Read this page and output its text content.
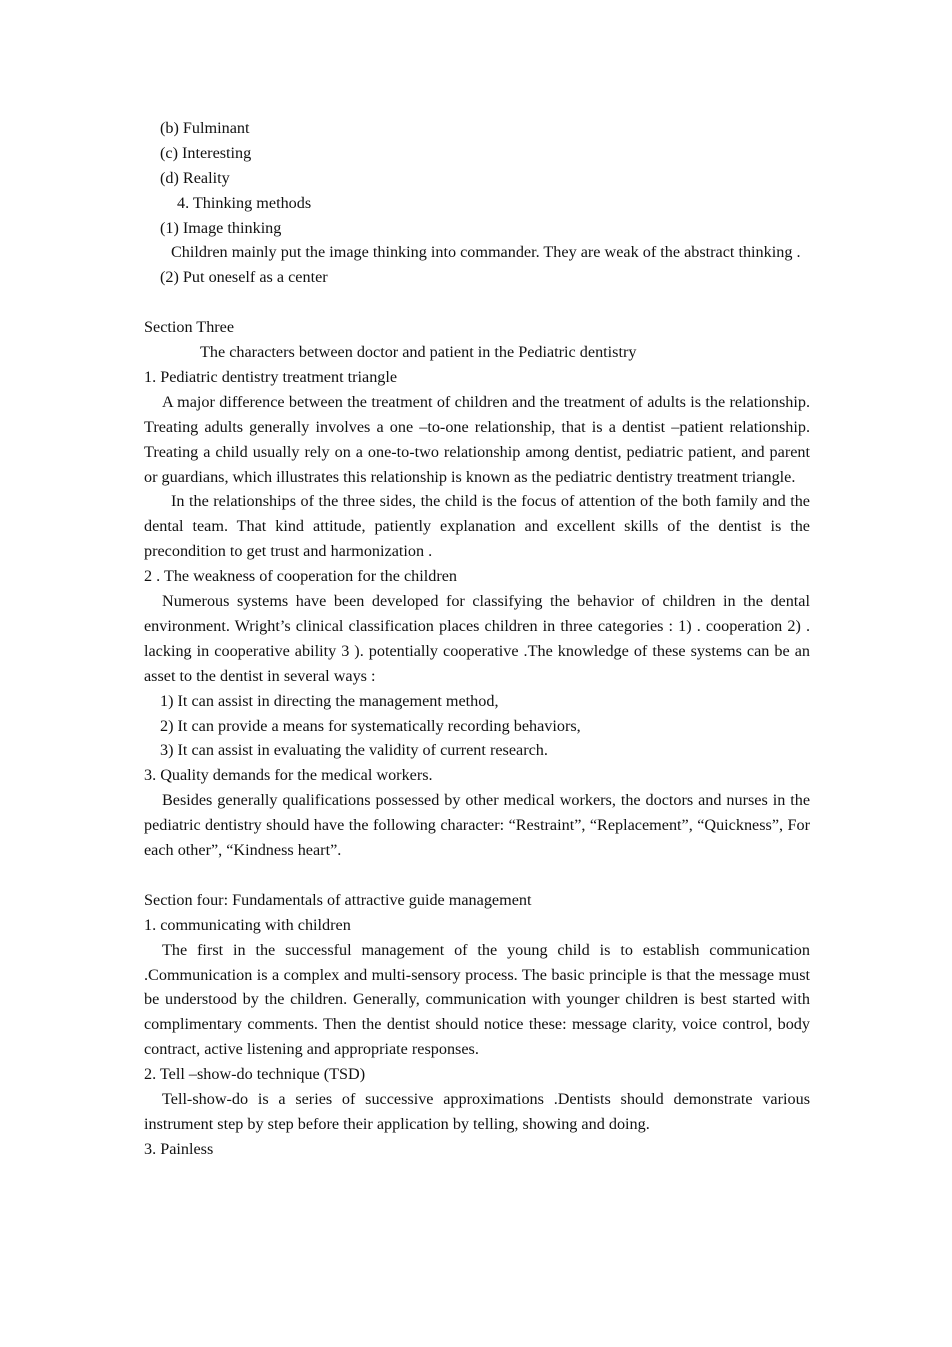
(b) Fulminant
(c) Interesting
(d) Reality
4. Thinking methods
(1) Image thinking
Children mainly put the image thinking into commander. They are weak of the abstract thinking .
(2) Put oneself as a center
Section Three
The characters between doctor and patient in the Pediatric dentistry
1. Pediatric dentistry treatment triangle
A major difference between the treatment of children and the treatment of adults is the relationship. Treating adults generally involves a one –to-one relationship, that is a dentist –patient relationship. Treating a child usually rely on a one-to-two relationship among dentist, pediatric patient, and parent or guardians, which illustrates this relationship is known as the pediatric dentistry treatment triangle.
In the relationships of the three sides, the child is the focus of attention of the both family and the dental team. That kind attitude, patiently explanation and excellent skills of the dentist is the precondition to get trust and harmonization .
2 . The weakness of cooperation for the children
Numerous systems have been developed for classifying the behavior of children in the dental environment. Wright’s clinical classification places children in three categories : 1) . cooperation 2) . lacking in cooperative ability 3 ). potentially cooperative .The knowledge of these systems can be an asset to the dentist in several ways :
1) It can assist in directing the management method,
2) It can provide a means for systematically recording behaviors,
3) It can assist in evaluating the validity of current research.
3. Quality demands for the medical workers.
Besides generally qualifications possessed by other medical workers, the doctors and nurses in the pediatric dentistry should have the following character: “Restraint”, “Replacement”, “Quickness”, For each other”, “Kindness heart”.
Section four: Fundamentals of attractive guide management
1. communicating with children
The first in the successful management of the young child is to establish communication .Communication is a complex and multi-sensory process. The basic principle is that the message must be understood by the children. Generally, communication with younger children is best started with complimentary comments. Then the dentist should notice these: message clarity, voice control, body contract, active listening and appropriate responses.
2. Tell –show-do technique (TSD)
Tell-show-do is a series of successive approximations .Dentists should demonstrate various instrument step by step before their application by telling, showing and doing.
3. Painless
